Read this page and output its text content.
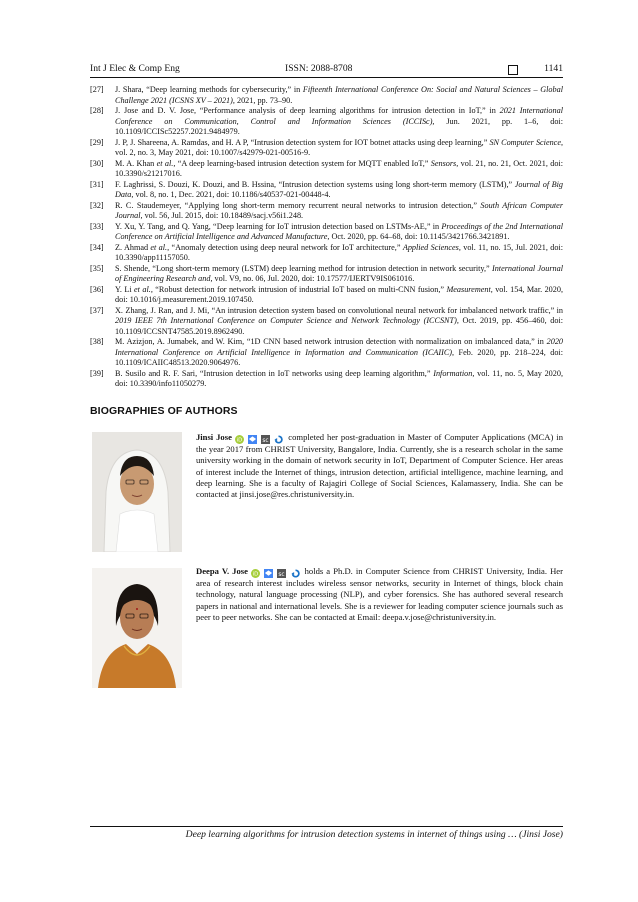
Int J Elec & Comp Eng	ISSN: 2088-8708	1141
[27] J. Shara, “Deep learning methods for cybersecurity,” in Fifteenth International Conference On: Social and Natural Sciences – Global Challenge 2021 (ICSNS XV – 2021), 2021, pp. 73–90.
[28] J. Jose and D. V. Jose, “Performance analysis of deep learning algorithms for intrusion detection in IoT,” in 2021 International Conference on Communication, Control and Information Sciences (ICCISc), Jun. 2021, pp. 1–6, doi: 10.1109/ICCISc52257.2021.9484979.
[29] J. P, J. Shareena, A. Ramdas, and H. A P, “Intrusion detection system for IOT botnet attacks using deep learning,” SN Computer Science, vol. 2, no. 3, May 2021, doi: 10.1007/s42979-021-00516-9.
[30] M. A. Khan et al., “A deep learning-based intrusion detection system for MQTT enabled IoT,” Sensors, vol. 21, no. 21, Oct. 2021, doi: 10.3390/s21217016.
[31] F. Laghrissi, S. Douzi, K. Douzi, and B. Hssina, “Intrusion detection systems using long short-term memory (LSTM),” Journal of Big Data, vol. 8, no. 1, Dec. 2021, doi: 10.1186/s40537-021-00448-4.
[32] R. C. Staudemeyer, “Applying long short-term memory recurrent neural networks to intrusion detection,” South African Computer Journal, vol. 56, Jul. 2015, doi: 10.18489/sacj.v56i1.248.
[33] Y. Xu, Y. Tang, and Q. Yang, “Deep learning for IoT intrusion detection based on LSTMs-AE,” in Proceedings of the 2nd International Conference on Artificial Intelligence and Advanced Manufacture, Oct. 2020, pp. 64–68, doi: 10.1145/3421766.3421891.
[34] Z. Ahmad et al., “Anomaly detection using deep neural network for IoT architecture,” Applied Sciences, vol. 11, no. 15, Jul. 2021, doi: 10.3390/app11157050.
[35] S. Shende, “Long short-term memory (LSTM) deep learning method for intrusion detection in network security,” International Journal of Engineering Research and, vol. V9, no. 06, Jul. 2020, doi: 10.17577/IJERTV9IS061016.
[36] Y. Li et al., “Robust detection for network intrusion of industrial IoT based on multi-CNN fusion,” Measurement, vol. 154, Mar. 2020, doi: 10.1016/j.measurement.2019.107450.
[37] X. Zhang, J. Ran, and J. Mi, “An intrusion detection system based on convolutional neural network for imbalanced network traffic,” in 2019 IEEE 7th International Conference on Computer Science and Network Technology (ICCSNT), Oct. 2019, pp. 456–460, doi: 10.1109/ICCSNT47585.2019.8962490.
[38] M. Azizjon, A. Jumabek, and W. Kim, “1D CNN based network intrusion detection with normalization on imbalanced data,” in 2020 International Conference on Artificial Intelligence in Information and Communication (ICAIIC), Feb. 2020, pp. 218–224, doi: 10.1109/ICAIIC48513.2020.9064976.
[39] B. Susilo and R. F. Sari, “Intrusion detection in IoT networks using deep learning algorithm,” Information, vol. 11, no. 5, May 2020, doi: 10.3390/info11050279.
BIOGRAPHIES OF AUTHORS
Jinsi Jose iD

	sc
completed her post-graduation in Master of Computer Applications (MCA) in the year 2017 from CHRIST University, Bangalore, India. Currently, she is a research scholar in the same university working in the domain of network security in IoT, Department of Computer Science. Her areas of interest include the Internet of things, intrusion detection, artificial intelligence, machine learning, and deep learning. She is a faculty of Rajagiri College of Social Sciences, Kalamassery, India. She can be contacted at jinsi.jose@res.christuniversity.in.
Deepa V. Jose iD

	sc
holds a Ph.D. in Computer Science from CHRIST University, India. Her area of research interest includes wireless sensor networks, security in Internet of things, block chain technology, natural language processing (NLP), and cyber forensics. She has authored several research papers in national and international levels. She is a reviewer for leading computer science journals such as peer to peer networks. She can be contacted at Email: deepa.v.jose@christuniversity.in.
Deep learning algorithms for intrusion detection systems in internet of things using … (Jinsi Jose)
